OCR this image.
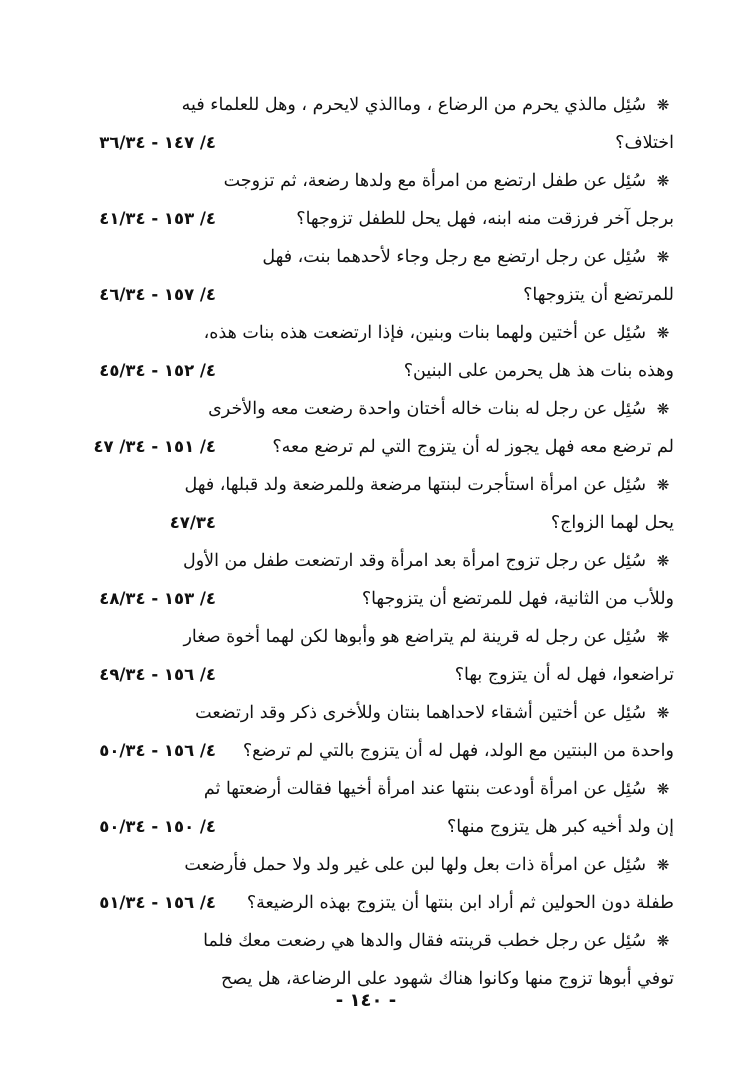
❋سُئِل مالذي يحرم من الرضاع ، وماالذي لايحرم ، وهل للعلماء فيه
اختلاف؟
٤/ ١٤٧ - ٣٦/٣٤
❋سُئِل عن طفل ارتضع من امرأة مع ولدها رضعة، ثم تزوجت
برجل آخر فرزقت منه ابنه، فهل يحل للطفل تزوجها؟
٤/ ١٥٣ - ٤١/٣٤
❋سُئِل عن رجل ارتضع مع رجل وجاء لأحدهما بنت، فهل
للمرتضع أن يتزوجها؟
٤/ ١٥٧ - ٤٦/٣٤
❋سُئِل عن أختين ولهما بنات وبنين، فإذا ارتضعت هذه بنات هذه،
وهذه بنات هذ هل يحرمن على البنين؟
٤/ ١٥٢ - ٤٥/٣٤
❋سُئِل عن رجل له بنات خاله أختان واحدة رضعت معه والأخرى
لم ترضع معه فهل يجوز له أن يتزوج التي لم ترضع معه؟
٤/ ١٥١ - ٣٤/ ٤٧
❋سُئِل عن امرأة استأجرت لبنتها مرضعة وللمرضعة ولد قبلها، فهل
يحل لهما الزواج؟
٤٧/٣٤
❋سُئِل عن رجل تزوج امرأة بعد امرأة وقد ارتضعت طفل من الأول
وللأب من الثانية، فهل للمرتضع أن يتزوجها؟
٤/ ١٥٣ - ٤٨/٣٤
❋سُئِل عن رجل له قرينة لم يتراضع هو وأبوها لكن لهما أخوة صغار
تراضعوا، فهل له أن يتزوج بها؟
٤/ ١٥٦ - ٤٩/٣٤
❋سُئِل عن أختين أشقاء لاحداهما بنتان وللأخرى ذكر وقد ارتضعت
واحدة من البنتين مع الولد، فهل له أن يتزوج بالتي لم ترضع؟
٤/ ١٥٦ - ٥٠/٣٤
❋سُئِل عن امرأة أودعت بنتها عند امرأة أخيها فقالت أرضعتها ثم
إن ولد أخيه كبر هل يتزوج منها؟
٤/ ١٥٠ - ٥٠/٣٤
❋سُئِل عن امرأة ذات بعل ولها لبن على غير ولد ولا حمل فأرضعت
طفلة دون الحولين ثم أراد ابن بنتها أن يتزوج بهذه الرضيعة؟
٤/ ١٥٦ - ٥١/٣٤
❋سُئِل عن رجل خطب قرينته فقال والدها هي رضعت معك فلما
توفي أبوها تزوج منها وكانوا هناك شهود على الرضاعة، هل يصح
- ١٤٠ -
